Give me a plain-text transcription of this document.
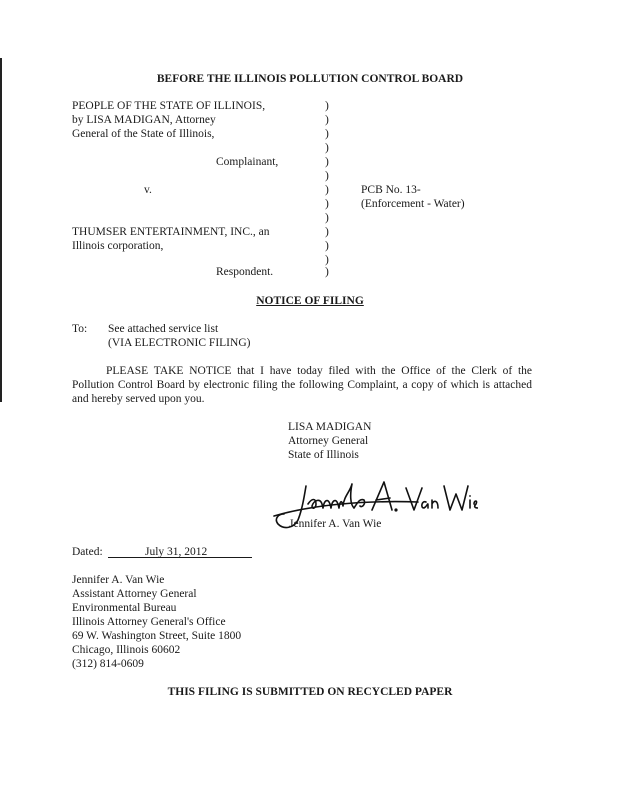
BEFORE THE ILLINOIS POLLUTION CONTROL BOARD
PEOPLE OF THE STATE OF ILLINOIS,
by LISA MADIGAN, Attorney
General of the State of Illinois,
Complainant,
v.	PCB No. 13-
(Enforcement - Water)
THUMSER ENTERTAINMENT, INC., an
Illinois corporation,
Respondent.
)
)
)
)
)
)
)
)
)
)
)
)
)
NOTICE OF FILING
To: See attached service list
(VIA ELECTRONIC FILING)
PLEASE TAKE NOTICE that I have today filed with the Office of the Clerk of the Pollution Control Board by electronic filing the following Complaint, a copy of which is attached and hereby served upon you.
LISA MADIGAN
Attorney General
State of Illinois
Jennifer A. Van Wie
Dated:	July 31, 2012
Jennifer A. Van Wie
Assistant Attorney General
Environmental Bureau
Illinois Attorney General's Office
69 W. Washington Street, Suite 1800
Chicago, Illinois 60602
(312) 814-0609
THIS FILING IS SUBMITTED ON RECYCLED PAPER
